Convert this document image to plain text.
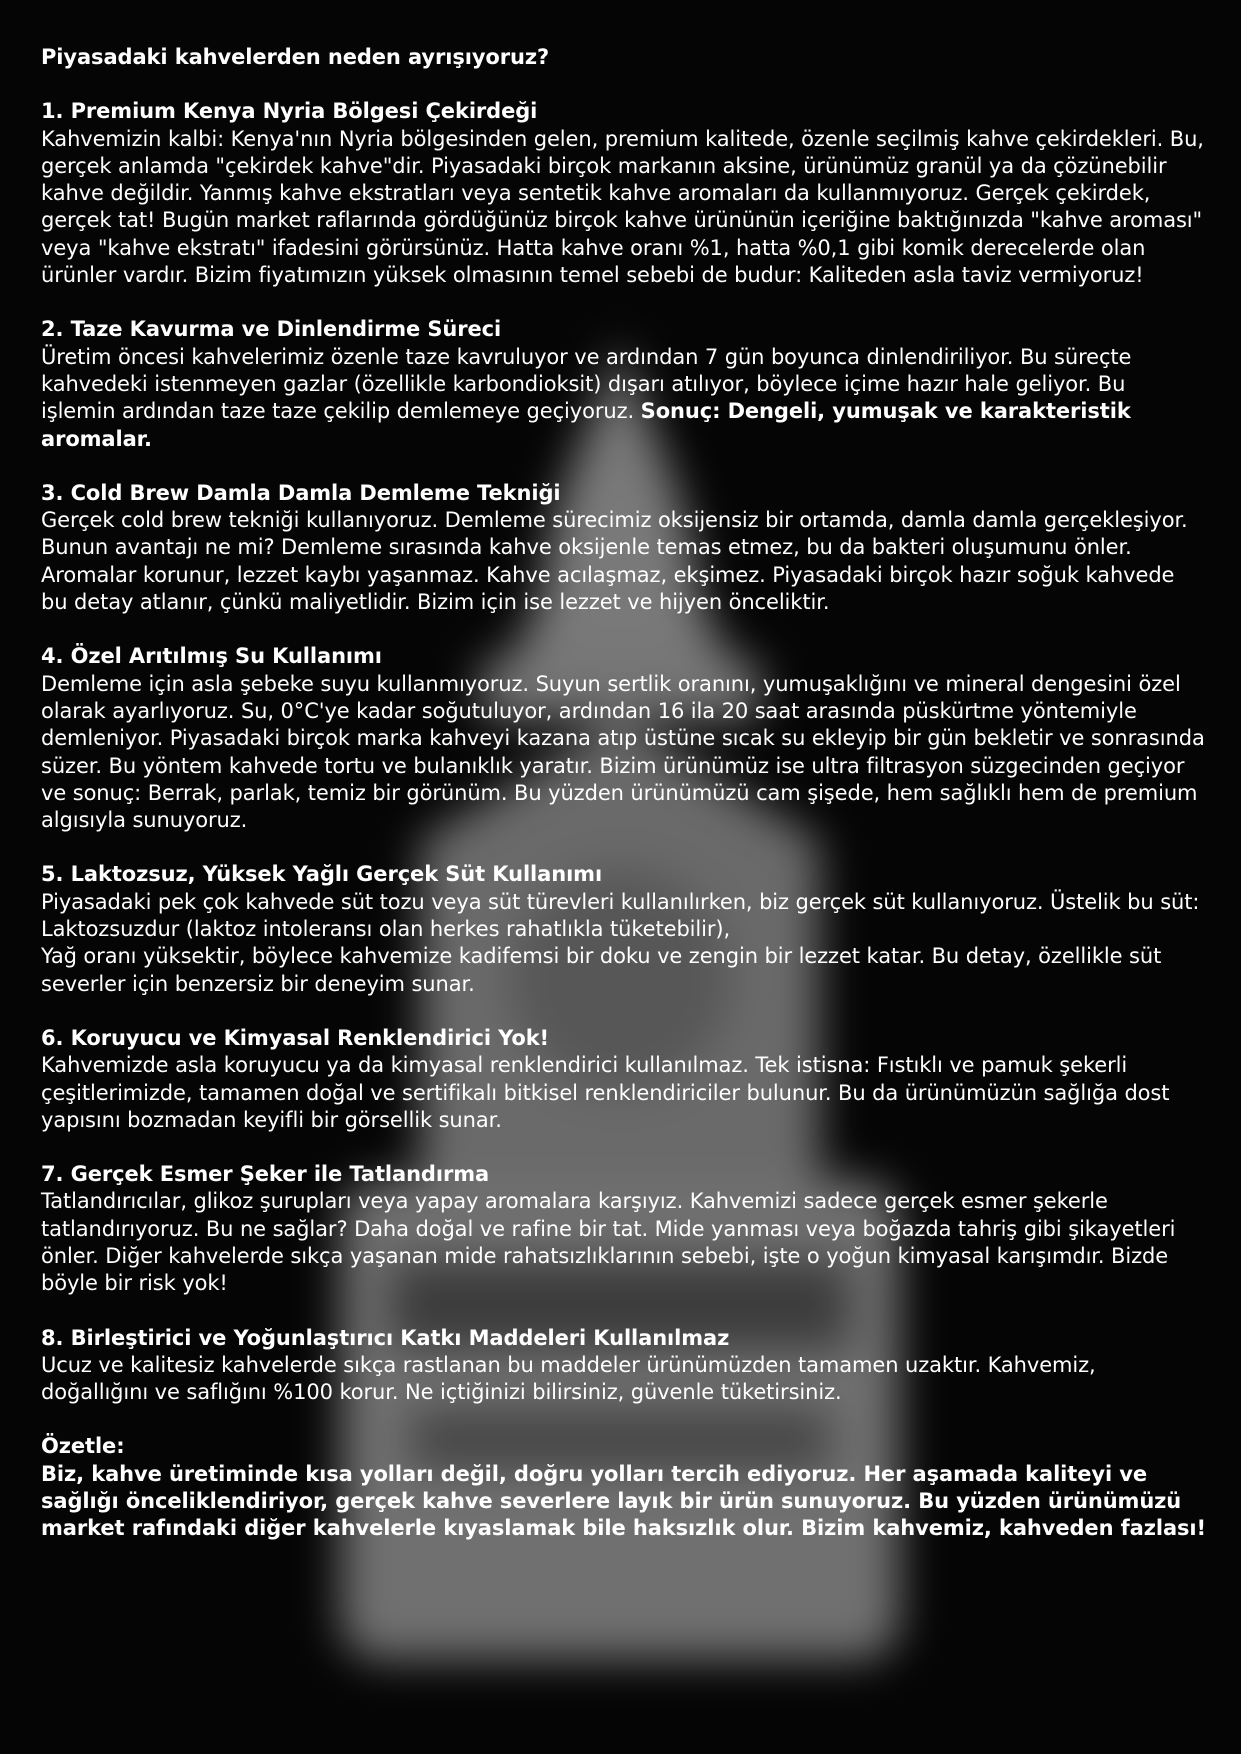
Piyasadaki kahvelerden neden ayrışıyoruz?

1. Premium Kenya Nyria Bölgesi Çekirdeği

Kahvemizin kalbi: Kenya'nın Nyria bölgesinden gelen, premium kalitede, özenle seçilmiş kahve çekirdekleri. Bu, gerçek anlamda "çekirdek kahve"dir. Piyasadaki birçok markanın aksine, ürünümüz granül ya da çözünebilir kahve değildir. Yanmış kahve ekstratları veya sentetik kahve aromaları da kullanmıyoruz. Gerçek çekirdek, gerçek tat! Bugün market raflarında gördüğünüz birçok kahve ürününün içeriğine baktığınızda "kahve aroması" veya "kahve ekstratı" ifadesini görürsünüz. Hatta kahve oranı %1, hatta %0,1 gibi komik derecelerde olan ürünler vardır. Bizim fiyatımızın yüksek olmasının temel sebebi de budur: Kaliteden asla taviz vermiyoruz!

2. Taze Kavurma ve Dinlendirme Süreci

Üretim öncesi kahvelerimiz özenle taze kavruluyor ve ardından 7 gün boyunca dinlendiriliyor. Bu süreçte kahvedeki istenmeyen gazlar (özellikle karbondioksit) dışarı atılıyor, böylece içime hazır hale geliyor. Bu işlemin ardından taze taze çekilip demlemeye geçiyoruz. Sonuç: Dengeli, yumuşak ve karakteristik aromalar.

3. Cold Brew Damla Damla Demleme Tekniği

Gerçek cold brew tekniği kullanıyoruz. Demleme sürecimiz oksijensiz bir ortamda, damla damla gerçekleşiyor. Bunun avantajı ne mi? Demleme sırasında kahve oksijenle temas etmez, bu da bakteri oluşumunu önler. Aromalar korunur, lezzet kaybı yaşanmaz. Kahve acılaşmaz, ekşimez. Piyasadaki birçok hazır soğuk kahvede bu detay atlanır, çünkü maliyetlidir. Bizim için ise lezzet ve hijyen önceliktir.

4. Özel Arıtılmış Su Kullanımı

Demleme için asla şebeke suyu kullanmıyoruz. Suyun sertlik oranını, yumuşaklığını ve mineral dengesini özel olarak ayarlıyoruz. Su, 0°C'ye kadar soğutuluyor, ardından 16 ila 20 saat arasında püskürtme yöntemiyle demleniyor. Piyasadaki birçok marka kahveyi kazana atıp üstüne sıcak su ekleyip bir gün bekletir ve sonrasında süzer. Bu yöntem kahvede tortu ve bulanıklık yaratır. Bizim ürünümüz ise ultra filtrasyon süzgecinden geçiyor ve sonuç: Berrak, parlak, temiz bir görünüm. Bu yüzden ürünümüzü cam şişede, hem sağlıklı hem de premium algısıyla sunuyoruz.

5. Laktozsuz, Yüksek Yağlı Gerçek Süt Kullanımı

Piyasadaki pek çok kahvede süt tozu veya süt türevleri kullanılırken, biz gerçek süt kullanıyoruz. Üstelik bu süt: Laktozsuzdur (laktoz intoleransı olan herkes rahatlıkla tüketebilir),

Yağ oranı yüksektir, böylece kahvemize kadifemsi bir doku ve zengin bir lezzet katar. Bu detay, özellikle süt severler için benzersiz bir deneyim sunar.

6. Koruyucu ve Kimyasal Renklendirici Yok!

Kahvemizde asla koruyucu ya da kimyasal renklendirici kullanılmaz. Tek istisna: Fıstıklı ve pamuk şekerli çeşitlerimizde, tamamen doğal ve sertifikalı bitkisel renklendiriciler bulunur. Bu da ürünümüzün sağlığa dost yapısını bozmadan keyifli bir görsellik sunar.

7. Gerçek Esmer Şeker ile Tatlandırma

Tatlandırıcılar, glikoz şurupları veya yapay aromalara karşıyız. Kahvemizi sadece gerçek esmer şekerle tatlandırıyoruz. Bu ne sağlar? Daha doğal ve rafine bir tat. Mide yanması veya boğazda tahriş gibi şikayetleri önler. Diğer kahvelerde sıkça yaşanan mide rahatsızlıklarının sebebi, işte o yoğun kimyasal karışımdır. Bizde böyle bir risk yok!

8. Birleştirici ve Yoğunlaştırıcı Katkı Maddeleri Kullanılmaz

Ucuz ve kalitesiz kahvelerde sıkça rastlanan bu maddeler ürünümüzden tamamen uzaktır. Kahvemiz, doğallığını ve saflığını %100 korur. Ne içtiğinizi bilirsiniz, güvenle tüketirsiniz.

Özetle:

Biz, kahve üretiminde kısa yolları değil, doğru yolları tercih ediyoruz. Her aşamada kaliteyi ve sağlığı önceliklendiriyor, gerçek kahve severlere layık bir ürün sunuyoruz. Bu yüzden ürünümüzü market rafındaki diğer kahvelerle kıyaslamak bile haksızlık olur. Bizim kahvemiz, kahveden fazlası!
